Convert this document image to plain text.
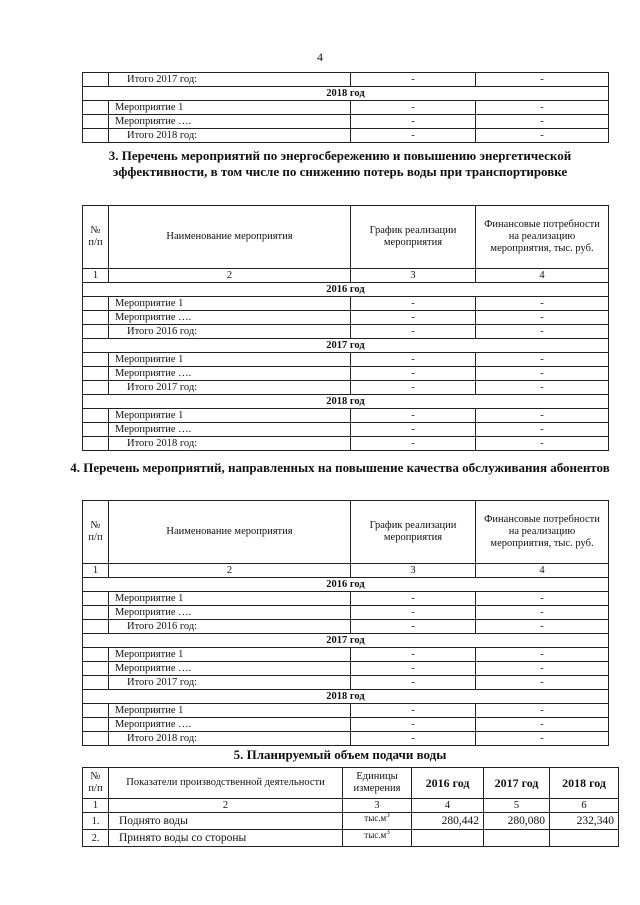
4
	Итого 2017 год:	-	-
2018 год			
	Мероприятие 1	-	-
	Мероприятие ….	-	-
	Итого 2018 год:	-	-
3. Перечень мероприятий по энергосбережению и повышению энергетической эффективности, в том числе по снижению потерь воды при транспортировке
№ п/п	Наименование мероприятия	График реализации мероприятия	Финансовые потребности на реализацию мероприятия, тыс. руб.
1	2	3	4
2016 год			
	Мероприятие 1	-	-
	Мероприятие ….	-	-
	Итого 2016 год:	-	-
2017 год			
	Мероприятие 1	-	-
	Мероприятие ….	-	-
	Итого 2017 год:	-	-
2018 год			
	Мероприятие 1	-	-
	Мероприятие ….	-	-
	Итого 2018 год:	-	-
4. Перечень мероприятий, направленных на повышение качества обслуживания абонентов
№ п/п	Наименование мероприятия	График реализации мероприятия	Финансовые потребности на реализацию мероприятия, тыс. руб.
1	2	3	4
2016 год			
	Мероприятие 1	-	-
	Мероприятие ….	-	-
	Итого 2016 год:	-	-
2017 год			
	Мероприятие 1	-	-
	Мероприятие ….	-	-
	Итого 2017 год:	-	-
2018 год			
	Мероприятие 1	-	-
	Мероприятие ….	-	-
	Итого 2018 год:	-	-
5. Планируемый объем подачи воды
№ п/п	Показатели производственной деятельности	Единицы измерения	2016 год	2017 год	2018 год
1	2	3	4	5	6
1.	Поднято воды	$тыс.м^3$	280,442	280,080	232,340
2.	Принято воды со стороны	$тыс.м^3$			
